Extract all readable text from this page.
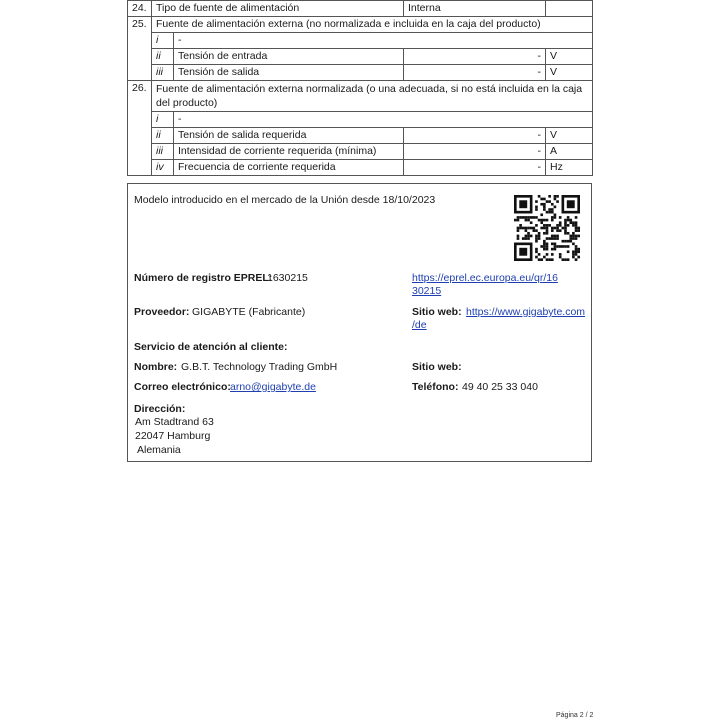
24.	Tipo de fuente de alimentación		Interna	
25.	Fuente de alimentación externa (no normalizada e incluida en la caja del producto)			
	i	-		
	ii	Tensión de entrada	-	V
	iii	Tensión de salida	-	V
26.	Fuente de alimentación externa normalizada (o una adecuada, si no está incluida en la caja del producto)			
	i	-		
	ii	Tensión de salida requerida	-	V
	iii	Intensidad de corriente requerida (mínima)	-	A
	iv	Frecuencia de corriente requerida	-	Hz
Modelo introducido en el mercado de la Unión desde 18/10/2023
Número de registro EPREL:
1630215	https://eprel.ec.europa.eu/qr/16
30215
Proveedor: GIGABYTE (Fabricante)	Sitio web: https://www.gigabyte.com
/de
Servicio de atención al cliente:
Nombre: G.B.T. Technology Trading GmbH	Sitio web:
Correo electrónico: arno@gigabyte.de	Teléfono: 49 40 25 33 040
Dirección:
Am Stadtrand 63
22047 Hamburg
Alemania
Página 2 / 2
